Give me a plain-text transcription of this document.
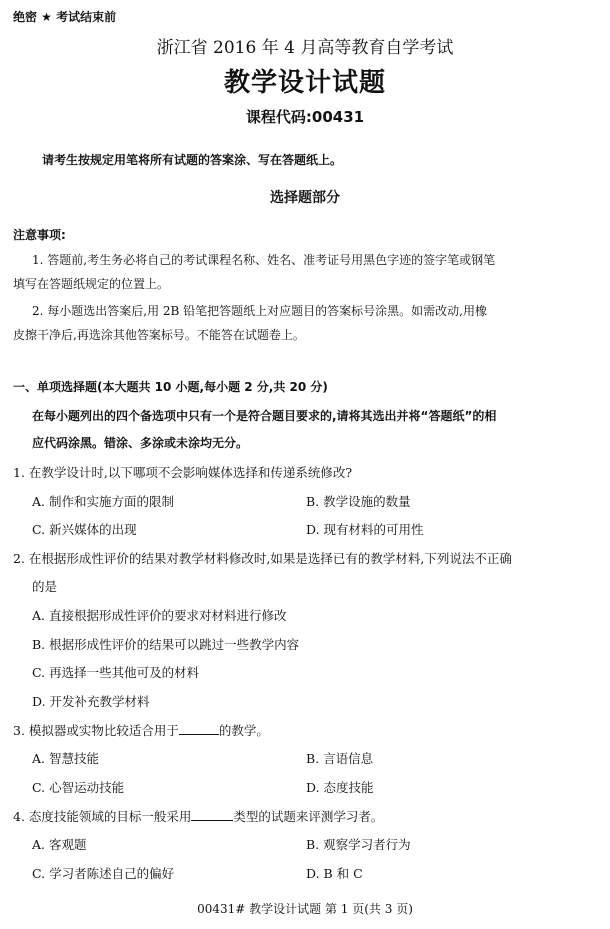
绝密 ★ 考试结束前
浙江省 2016 年 4 月高等教育自学考试
教学设计试题
课程代码:00431
请考生按规定用笔将所有试题的答案涂、写在答题纸上。
选择题部分
注意事项:
1. 答题前,考生务必将自己的考试课程名称、姓名、准考证号用黑色字迹的签字笔或钢笔
填写在答题纸规定的位置上。
2. 每小题选出答案后,用 2B 铅笔把答题纸上对应题目的答案标号涂黑。如需改动,用橡
皮擦干净后,再选涂其他答案标号。不能答在试题卷上。
一、单项选择题(本大题共 10 小题,每小题 2 分,共 20 分)
在每小题列出的四个备选项中只有一个是符合题目要求的,请将其选出并将“答题纸”的相
应代码涂黑。错涂、多涂或未涂均无分。
1. 在教学设计时,以下哪项不会影响媒体选择和传递系统修改?
A. 制作和实施方面的限制	B. 教学设施的数量
C. 新兴媒体的出现	D. 现有材料的可用性
2. 在根据形成性评价的结果对教学材料修改时,如果是选择已有的教学材料,下列说法不正确
的是
A. 直接根据形成性评价的要求对材料进行修改
B. 根据形成性评价的结果可以跳过一些教学内容
C. 再选择一些其他可及的材料
D. 开发补充教学材料
3. 模拟器或实物比较适合用于	的教学。
A. 智慧技能	B. 言语信息
C. 心智运动技能	D. 态度技能
4. 态度技能领域的目标一般采用	类型的试题来评测学习者。
A. 客观题	B. 观察学习者行为
C. 学习者陈述自己的偏好	D. B 和 C
00431# 教学设计试题 第 1 页(共 3 页)
